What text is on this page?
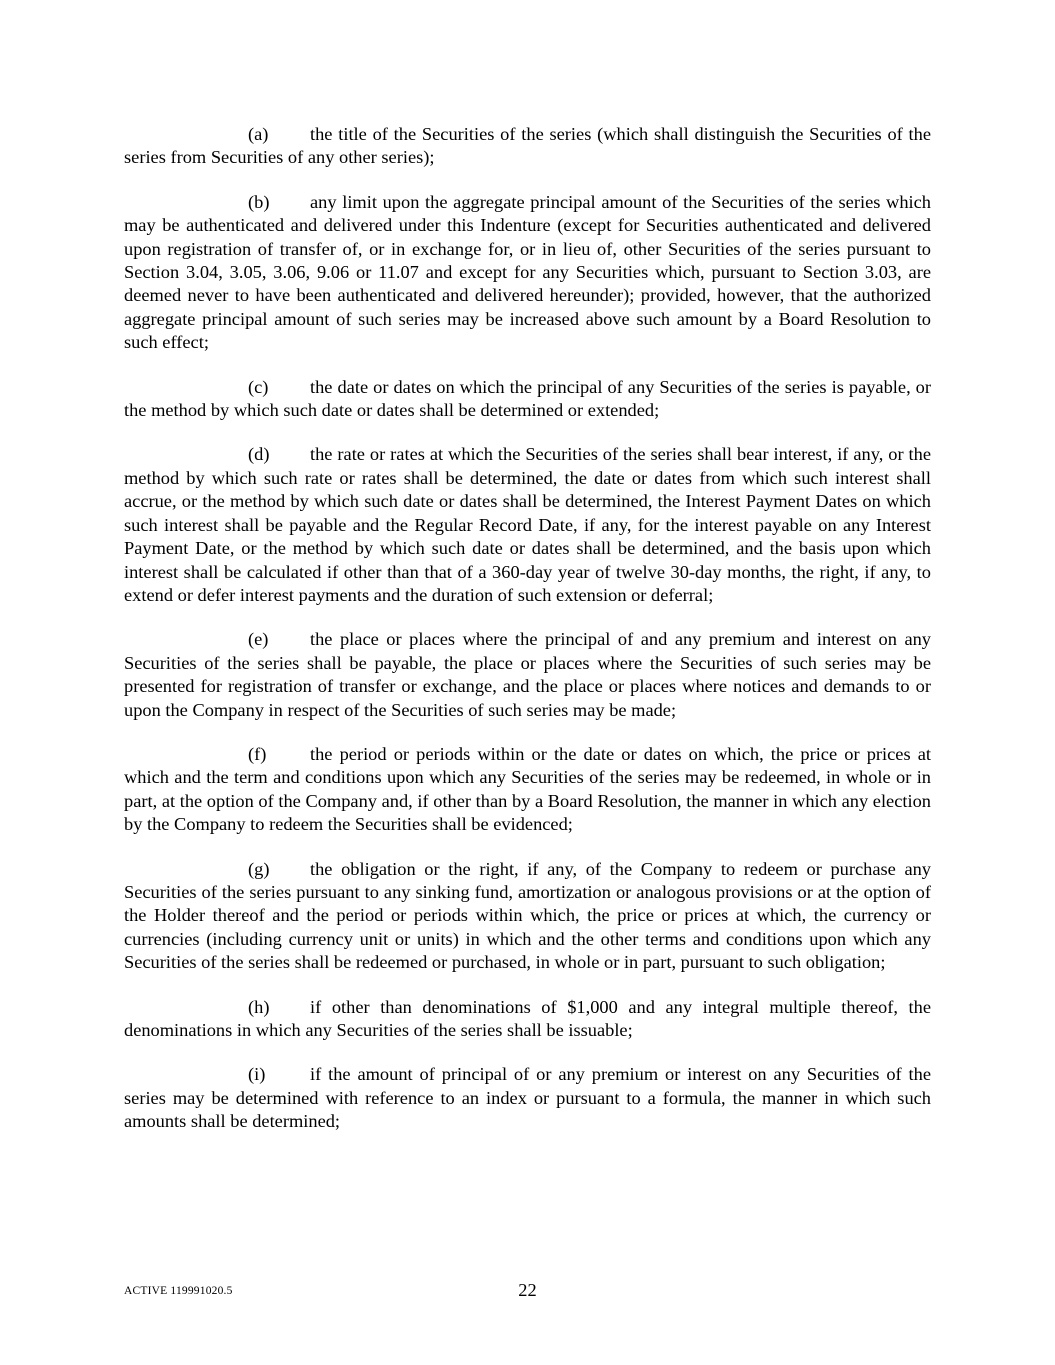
(a) the title of the Securities of the series (which shall distinguish the Securities of the series from Securities of any other series);

(b) any limit upon the aggregate principal amount of the Securities of the series which may be authenticated and delivered under this Indenture (except for Securities authenticated and delivered upon registration of transfer of, or in exchange for, or in lieu of, other Securities of the series pursuant to Section 3.04, 3.05, 3.06, 9.06 or 11.07 and except for any Securities which, pursuant to Section 3.03, are deemed never to have been authenticated and delivered hereunder); provided, however, that the authorized aggregate principal amount of such series may be increased above such amount by a Board Resolution to such effect;

(c) the date or dates on which the principal of any Securities of the series is payable, or the method by which such date or dates shall be determined or extended;

(d) the rate or rates at which the Securities of the series shall bear interest, if any, or the method by which such rate or rates shall be determined, the date or dates from which such interest shall accrue, or the method by which such date or dates shall be determined, the Interest Payment Dates on which such interest shall be payable and the Regular Record Date, if any, for the interest payable on any Interest Payment Date, or the method by which such date or dates shall be determined, and the basis upon which interest shall be calculated if other than that of a 360-day year of twelve 30-day months, the right, if any, to extend or defer interest payments and the duration of such extension or deferral;

(e) the place or places where the principal of and any premium and interest on any Securities of the series shall be payable, the place or places where the Securities of such series may be presented for registration of transfer or exchange, and the place or places where notices and demands to or upon the Company in respect of the Securities of such series may be made;

(f) the period or periods within or the date or dates on which, the price or prices at which and the term and conditions upon which any Securities of the series may be redeemed, in whole or in part, at the option of the Company and, if other than by a Board Resolution, the manner in which any election by the Company to redeem the Securities shall be evidenced;

(g) the obligation or the right, if any, of the Company to redeem or purchase any Securities of the series pursuant to any sinking fund, amortization or analogous provisions or at the option of the Holder thereof and the period or periods within which, the price or prices at which, the currency or currencies (including currency unit or units) in which and the other terms and conditions upon which any Securities of the series shall be redeemed or purchased, in whole or in part, pursuant to such obligation;

(h) if other than denominations of $1,000 and any integral multiple thereof, the denominations in which any Securities of the series shall be issuable;

(i) if the amount of principal of or any premium or interest on any Securities of the series may be determined with reference to an index or pursuant to a formula, the manner in which such amounts shall be determined;

ACTIVE 119991020.5	22
